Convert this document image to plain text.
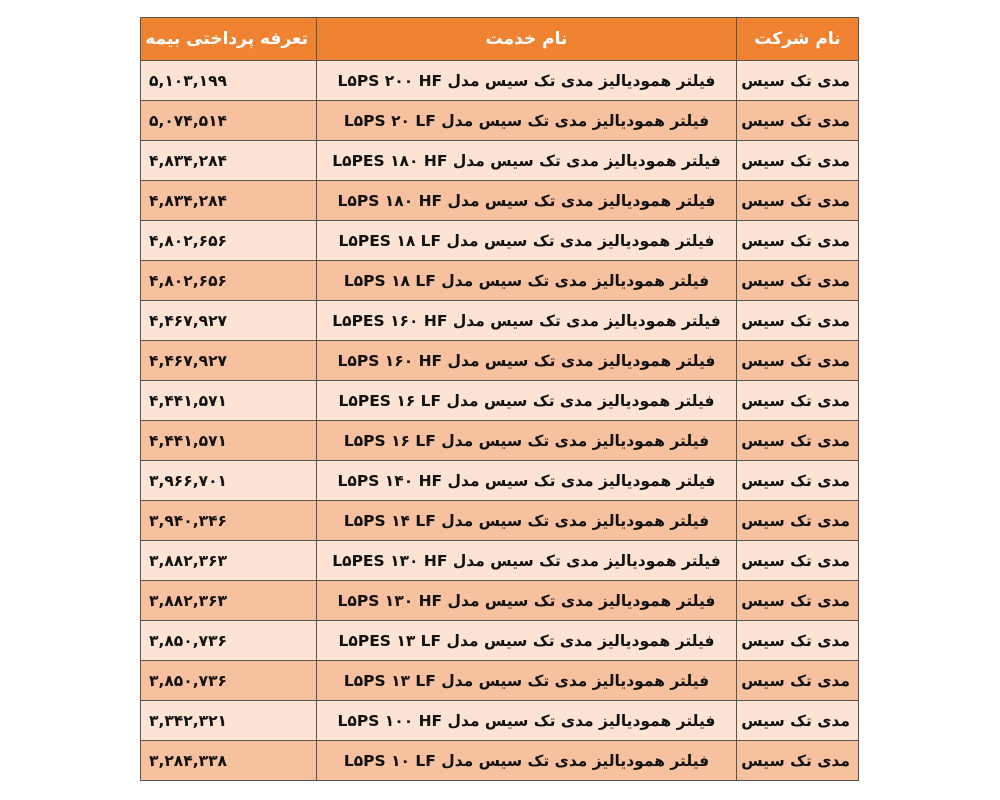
نام شرکت	نام خدمت	تعرفه پرداختی بیمه
مدی تک سیس	فیلتر همودیالیز مدی تک سیس مدل L۵PS ۲۰۰ HF	۵,۱۰۳,۱۹۹
مدی تک سیس	فیلتر همودیالیز مدی تک سیس مدل L۵PS ۲۰ LF	۵,۰۷۴,۵۱۴
مدی تک سیس	فیلتر همودیالیز مدی تک سیس مدل L۵PES ۱۸۰ HF	۴,۸۳۴,۲۸۴
مدی تک سیس	فیلتر همودیالیز مدی تک سیس مدل L۵PS ۱۸۰ HF	۴,۸۳۴,۲۸۴
مدی تک سیس	فیلتر همودیالیز مدی تک سیس مدل L۵PES ۱۸ LF	۴,۸۰۲,۶۵۶
مدی تک سیس	فیلتر همودیالیز مدی تک سیس مدل L۵PS ۱۸ LF	۴,۸۰۲,۶۵۶
مدی تک سیس	فیلتر همودیالیز مدی تک سیس مدل L۵PES ۱۶۰ HF	۴,۴۶۷,۹۲۷
مدی تک سیس	فیلتر همودیالیز مدی تک سیس مدل L۵PS ۱۶۰ HF	۴,۴۶۷,۹۲۷
مدی تک سیس	فیلتر همودیالیز مدی تک سیس مدل L۵PES ۱۶ LF	۴,۴۴۱,۵۷۱
مدی تک سیس	فیلتر همودیالیز مدی تک سیس مدل L۵PS ۱۶ LF	۴,۴۴۱,۵۷۱
مدی تک سیس	فیلتر همودیالیز مدی تک سیس مدل L۵PS ۱۴۰ HF	۳,۹۶۶,۷۰۱
مدی تک سیس	فیلتر همودیالیز مدی تک سیس مدل L۵PS ۱۴ LF	۳,۹۴۰,۳۴۶
مدی تک سیس	فیلتر همودیالیز مدی تک سیس مدل L۵PES ۱۳۰ HF	۳,۸۸۲,۳۶۳
مدی تک سیس	فیلتر همودیالیز مدی تک سیس مدل L۵PS ۱۳۰ HF	۳,۸۸۲,۳۶۳
مدی تک سیس	فیلتر همودیالیز مدی تک سیس مدل L۵PES ۱۳ LF	۳,۸۵۰,۷۳۶
مدی تک سیس	فیلتر همودیالیز مدی تک سیس مدل L۵PS ۱۳ LF	۳,۸۵۰,۷۳۶
مدی تک سیس	فیلتر همودیالیز مدی تک سیس مدل L۵PS ۱۰۰ HF	۳,۳۴۲,۳۲۱
مدی تک سیس	فیلتر همودیالیز مدی تک سیس مدل L۵PS ۱۰ LF	۳,۲۸۴,۳۳۸
